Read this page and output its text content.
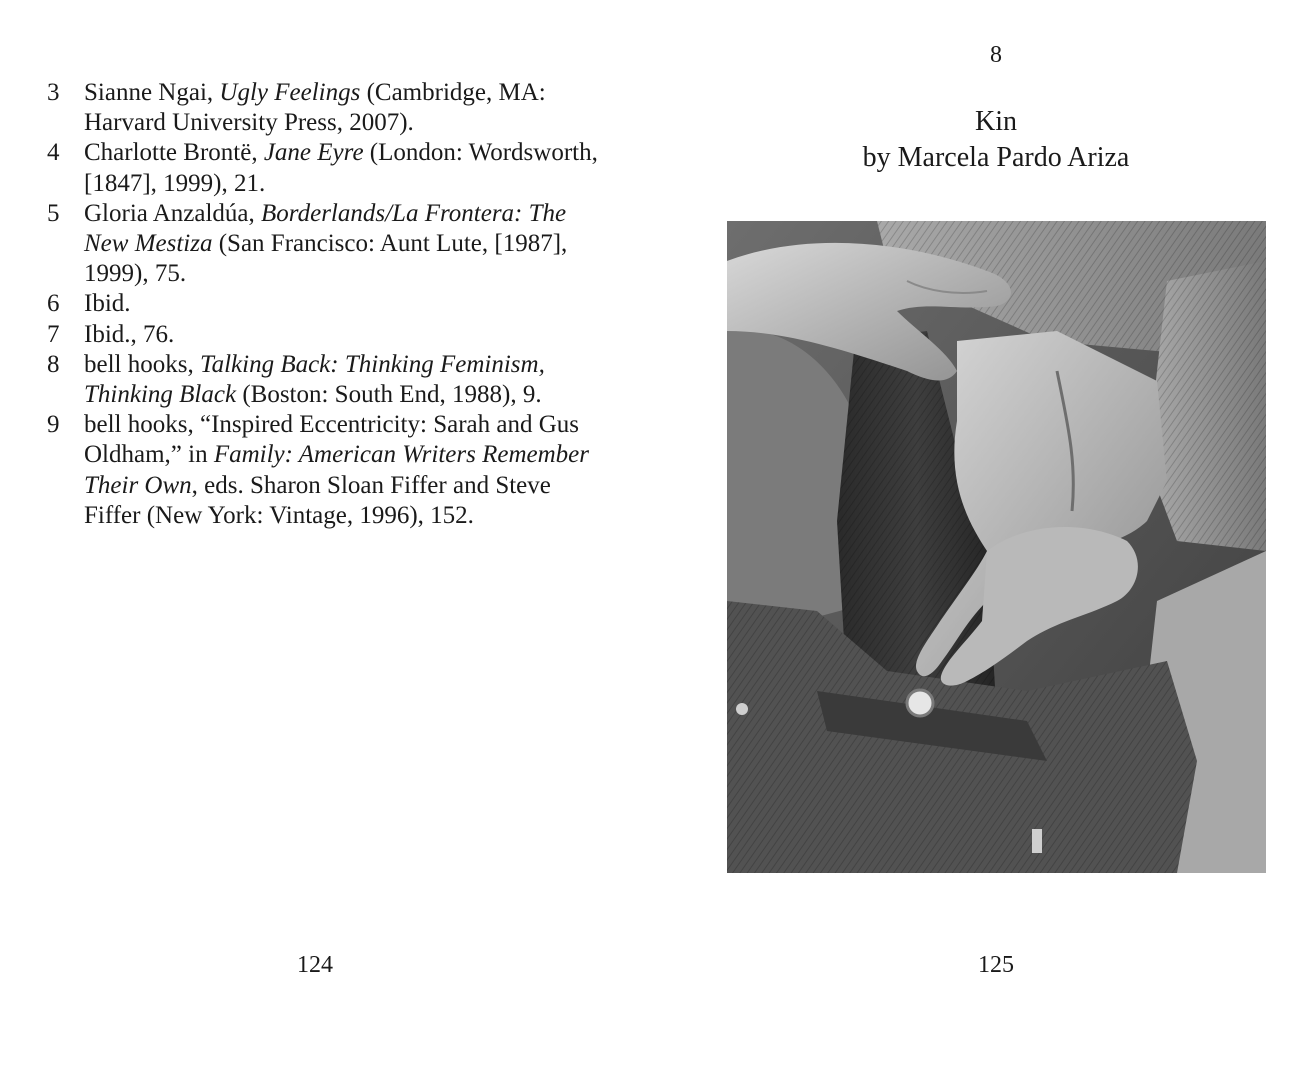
3 Sianne Ngai, Ugly Feelings (Cambridge, MA: Harvard University Press, 2007).
4 Charlotte Brontë, Jane Eyre (London: Wordsworth, [1847], 1999), 21.
5 Gloria Anzaldúa, Borderlands/La Frontera: The New Mestiza (San Francisco: Aunt Lute, [1987], 1999), 75.
6 Ibid.
7 Ibid., 76.
8 bell hooks, Talking Back: Thinking Feminism, Thinking Black (Boston: South End, 1988), 9.
9 bell hooks, “Inspired Eccentricity: Sarah and Gus Oldham,” in Family: American Writers Remember Their Own, eds. Sharon Sloan Fiffer and Steve Fiffer (New York: Vintage, 1996), 152.
124
8
Kin
by Marcela Pardo Ariza
125
